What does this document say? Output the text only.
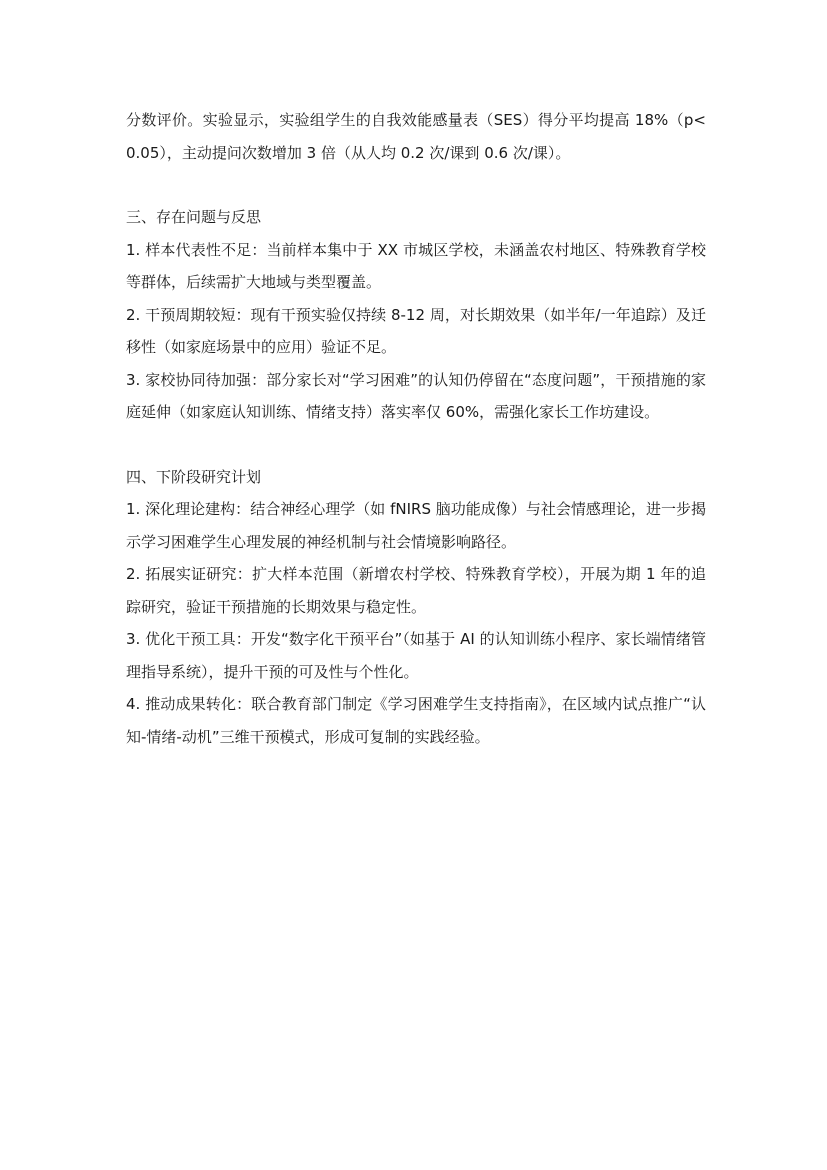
分数评价。实验显示，实验组学生的自我效能感量表（SES）得分平均提高 18%（p<0.05），主动提问次数增加 3 倍（从人均 0.2 次/课到 0.6 次/课）。

三、存在问题与反思

1. 样本代表性不足：当前样本集中于 XX 市城区学校，未涵盖农村地区、特殊教育学校等群体，后续需扩大地域与类型覆盖。

2. 干预周期较短：现有干预实验仅持续 8-12 周，对长期效果（如半年/一年追踪）及迁移性（如家庭场景中的应用）验证不足。

3. 家校协同待加强：部分家长对“学习困难”的认知仍停留在“态度问题”，干预措施的家庭延伸（如家庭认知训练、情绪支持）落实率仅 60%，需强化家长工作坊建设。

四、下阶段研究计划

1. 深化理论建构：结合神经心理学（如 fNIRS 脑功能成像）与社会情感理论，进一步揭示学习困难学生心理发展的神经机制与社会情境影响路径。

2. 拓展实证研究：扩大样本范围（新增农村学校、特殊教育学校），开展为期 1 年的追踪研究，验证干预措施的长期效果与稳定性。

3. 优化干预工具：开发“数字化干预平台”（如基于 AI 的认知训练小程序、家长端情绪管理指导系统），提升干预的可及性与个性化。

4. 推动成果转化：联合教育部门制定《学习困难学生支持指南》，在区域内试点推广“认知-情绪-动机”三维干预模式，形成可复制的实践经验。
